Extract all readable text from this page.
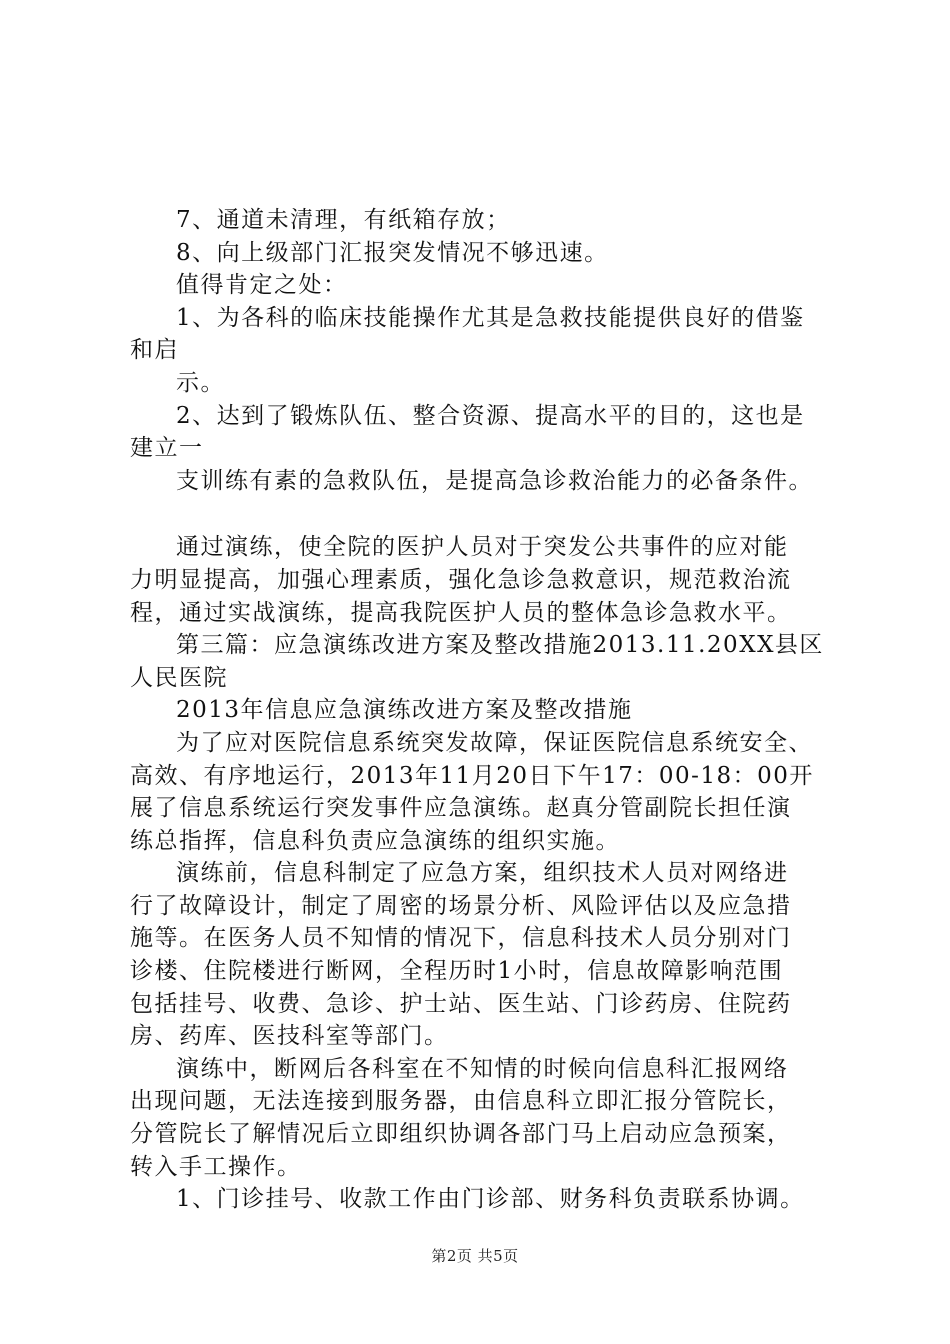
7、通道未清理，有纸箱存放；
8、向上级部门汇报突发情况不够迅速。
值得肯定之处：
1、为各科的临床技能操作尤其是急救技能提供良好的借鉴
和启
示。
2、达到了锻炼队伍、整合资源、提高水平的目的，这也是
建立一
支训练有素的急救队伍，是提高急诊救治能力的必备条件。
通过演练，使全院的医护人员对于突发公共事件的应对能
力明显提高，加强心理素质，强化急诊急救意识，规范救治流
程，通过实战演练，提高我院医护人员的整体急诊急救水平。
第三篇：应急演练改进方案及整改措施2013.11.20XX县区
人民医院
2013年信息应急演练改进方案及整改措施
为了应对医院信息系统突发故障，保证医院信息系统安全、
高效、有序地运行，2013年11月20日下午17：00-18：00开
展了信息系统运行突发事件应急演练。赵真分管副院长担任演
练总指挥，信息科负责应急演练的组织实施。
演练前，信息科制定了应急方案，组织技术人员对网络进
行了故障设计，制定了周密的场景分析、风险评估以及应急措
施等。在医务人员不知情的情况下，信息科技术人员分别对门
诊楼、住院楼进行断网，全程历时1小时，信息故障影响范围
包括挂号、收费、急诊、护士站、医生站、门诊药房、住院药
房、药库、医技科室等部门。
演练中，断网后各科室在不知情的时候向信息科汇报网络
出现问题，无法连接到服务器，由信息科立即汇报分管院长，
分管院长了解情况后立即组织协调各部门马上启动应急预案，
转入手工操作。
1、门诊挂号、收款工作由门诊部、财务科负责联系协调。
第2页 共5页
